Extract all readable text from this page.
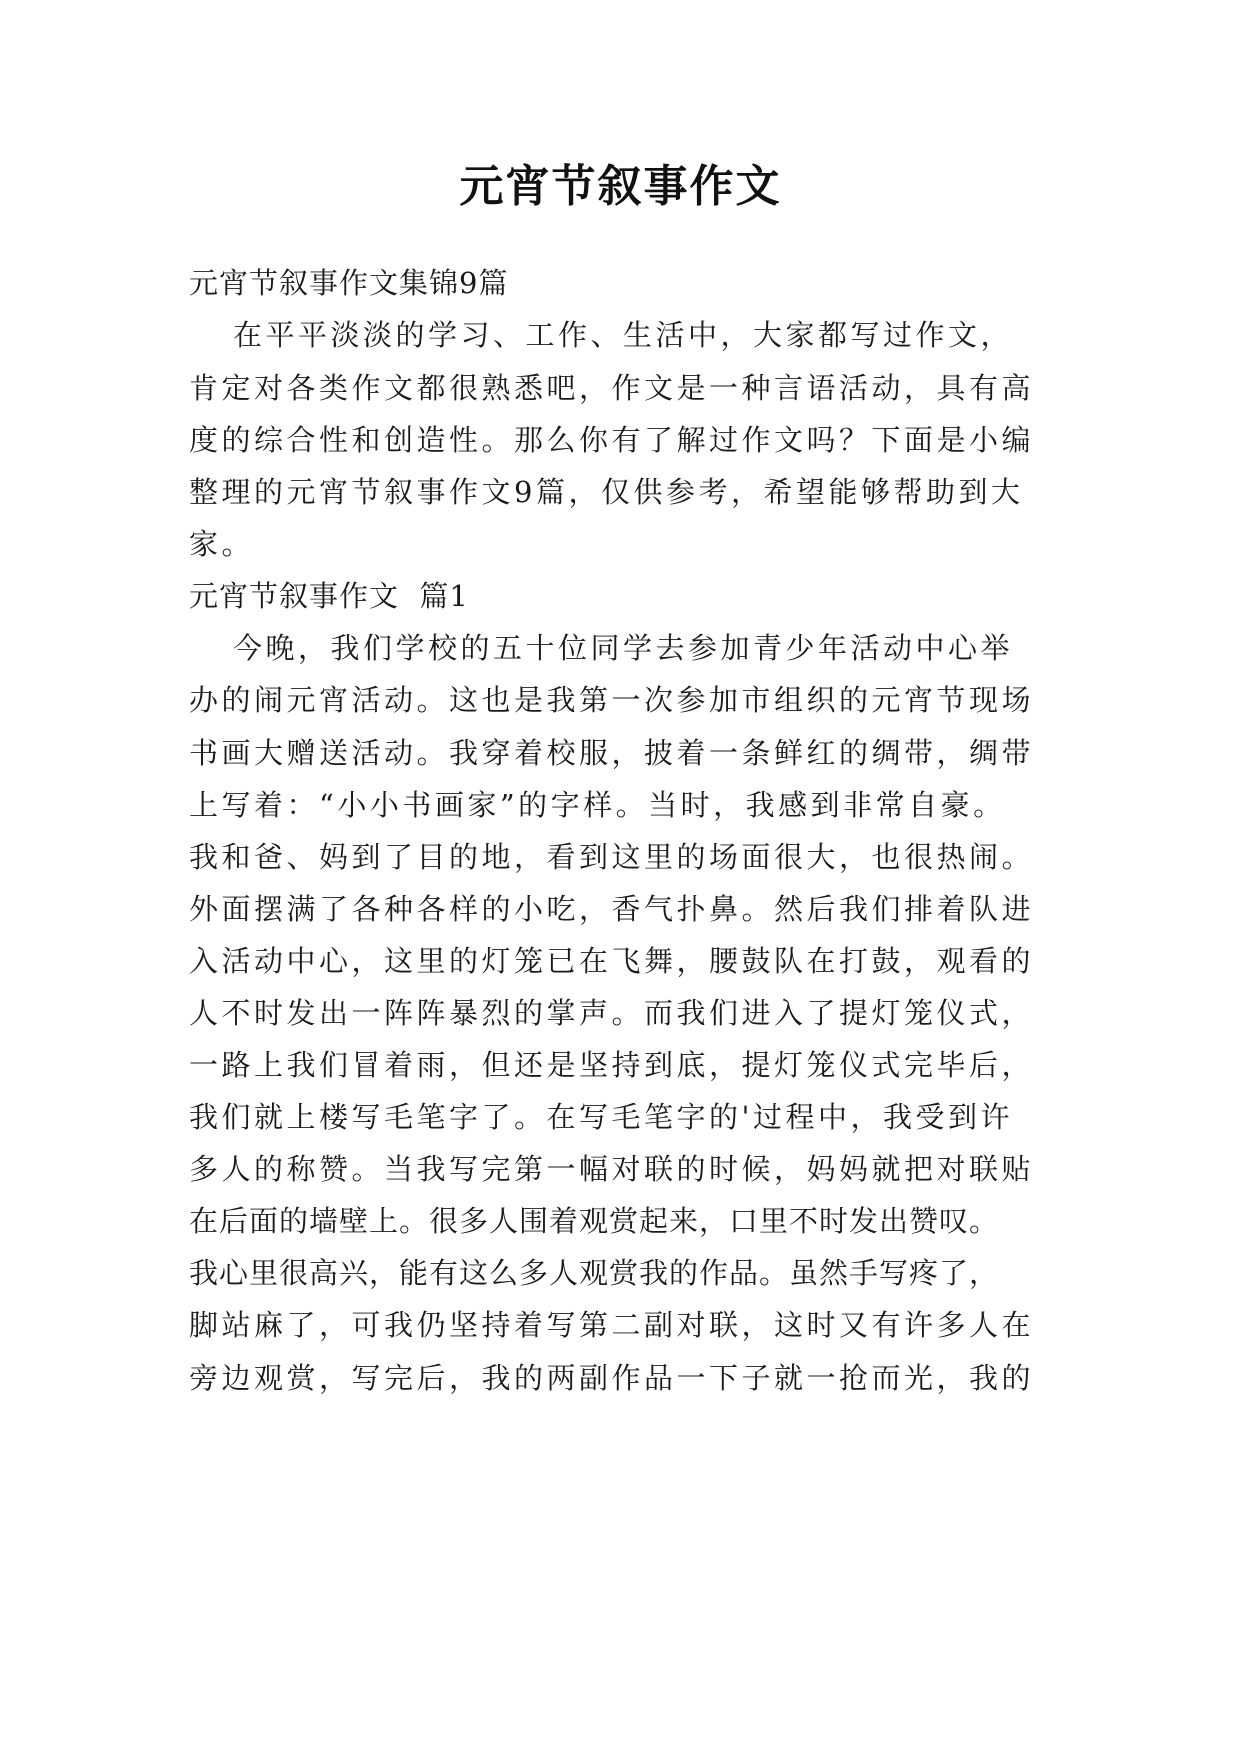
元宵节叙事作文
元宵节叙事作文集锦9篇
在平平淡淡的学习、工作、生活中，大家都写过作文，
肯定对各类作文都很熟悉吧，作文是一种言语活动，具有高
度的综合性和创造性。那么你有了解过作文吗？下面是小编
整理的元宵节叙事作文9篇，仅供参考，希望能够帮助到大
家。
元宵节叙事作文  篇1
今晚，我们学校的五十位同学去参加青少年活动中心举
办的闹元宵活动。这也是我第一次参加市组织的元宵节现场
书画大赠送活动。我穿着校服，披着一条鲜红的绸带，绸带
上写着：“小小书画家”的字样。当时，我感到非常自豪。
我和爸、妈到了目的地，看到这里的场面很大，也很热闹。
外面摆满了各种各样的小吃，香气扑鼻。然后我们排着队进
入活动中心，这里的灯笼已在飞舞，腰鼓队在打鼓，观看的
人不时发出一阵阵暴烈的掌声。而我们进入了提灯笼仪式，
一路上我们冒着雨，但还是坚持到底，提灯笼仪式完毕后，
我们就上楼写毛笔字了。在写毛笔字的'过程中，我受到许
多人的称赞。当我写完第一幅对联的时候，妈妈就把对联贴
在后面的墙壁上。很多人围着观赏起来，口里不时发出赞叹。
我心里很高兴，能有这么多人观赏我的作品。虽然手写疼了，
脚站麻了，可我仍坚持着写第二副对联，这时又有许多人在
旁边观赏，写完后，我的两副作品一下子就一抢而光，我的
